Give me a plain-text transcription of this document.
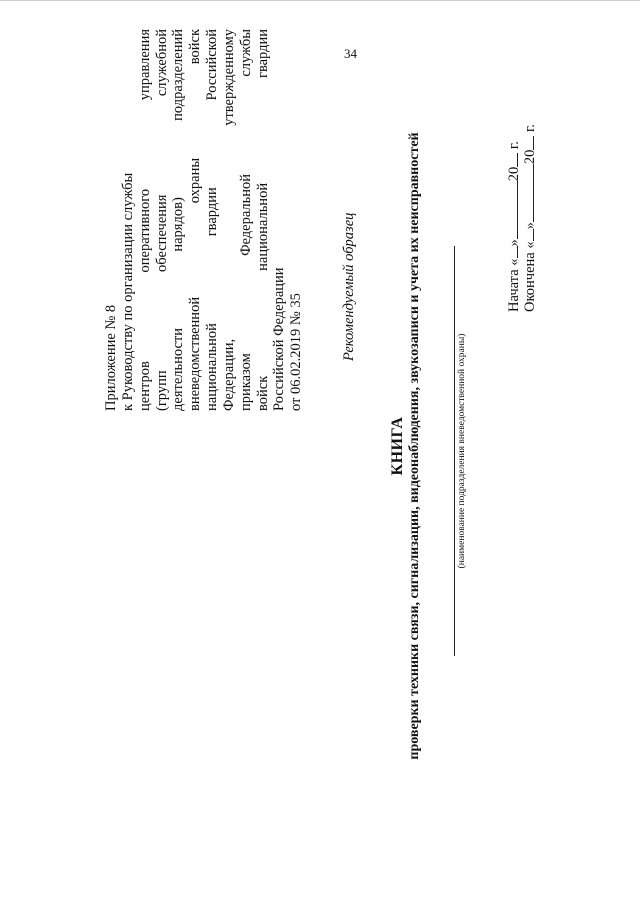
34
Приложение № 8 к Руководству по организации службы центров оперативного управления (групп обеспечения служебной деятельности нарядов) подразделений вневедомственной охраны войск национальной гвардии Российской Федерации, утвержденному приказом Федеральной службы войск национальной гвардии Российской Федерации от 06.02.2019 № 35	Рекомендуемый образец
(наименование подразделения вневедомственной охраны)
КНИГА проверки техники связи, сигнализации, видеонаблюдения, звукозаписи и учета их неисправностей	Начата «»20 г.
Окончена «»20 г.
